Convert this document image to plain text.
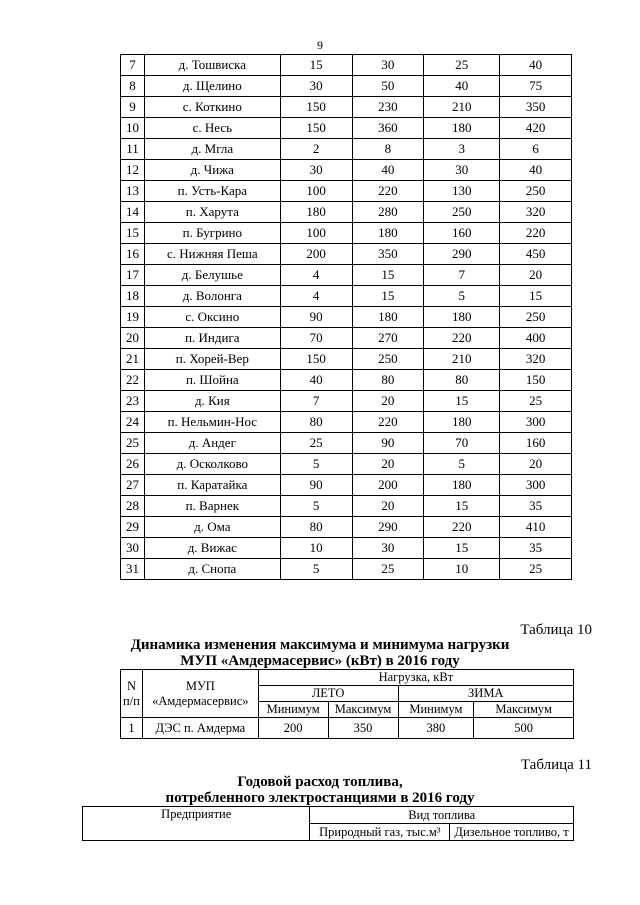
9
7	д. Тошвиска	15	30	25	40
8	д. Щелино	30	50	40	75
9	с. Коткино	150	230	210	350
10	с. Несь	150	360	180	420
11	д. Мгла	2	8	3	6
12	д. Чижа	30	40	30	40
13	п. Усть-Кара	100	220	130	250
14	п. Харута	180	280	250	320
15	п. Бугрино	100	180	160	220
16	с. Нижняя Пеша	200	350	290	450
17	д. Белушье	4	15	7	20
18	д. Волонга	4	15	5	15
19	с. Оксино	90	180	180	250
20	п. Индига	70	270	220	400
21	п. Хорей-Вер	150	250	210	320
22	п. Шойна	40	80	80	150
23	д. Кия	7	20	15	25
24	п. Нельмин-Нос	80	220	180	300
25	д. Андег	25	90	70	160
26	д. Осколково	5	20	5	20
27	п. Каратайка	90	200	180	300
28	п. Варнек	5	20	15	35
29	д. Ома	80	290	220	410
30	д. Вижас	10	30	15	35
31	д. Снопа	5	25	10	25
Таблица 10
Динамика изменения максимума и минимума нагрузки
МУП «Амдермасервис» (кВт) в 2016 году
N п/п	МУП «Амдермасервис»	Нагрузка, кВт			
		ЛЕТО		ЗИМА	
		Минимум	Максимум	Минимум	Максимум
1	ДЭС п. Амдерма	200	350	380	500
Таблица 11
Годовой расход топлива,
потребленного электростанциями в 2016 году
Предприятие	Вид топлива	
	Природный газ, тыс.м³	Дизельное топливо, т
